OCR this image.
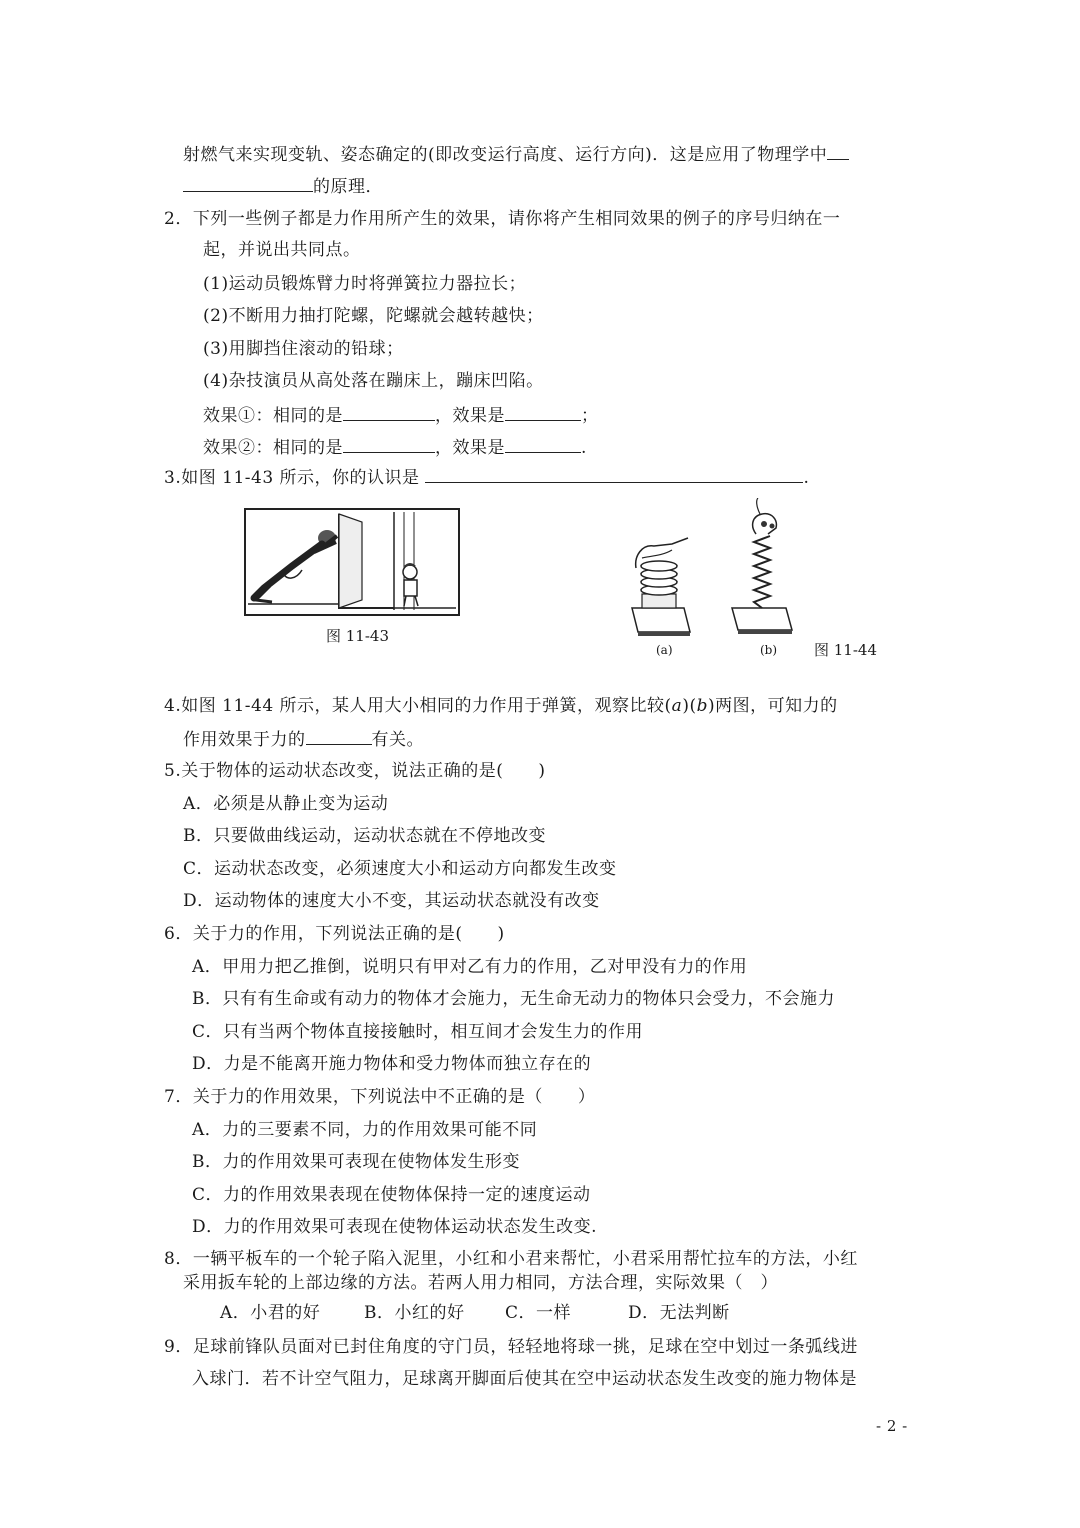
射燃气来实现变轨、姿态确定的(即改变运行高度、运行方向)．这是应用了物理学中
的原理．
2．下列一些例子都是力作用所产生的效果，请你将产生相同效果的例子的序号归纳在一
起，并说出共同点。
(1)运动员锻炼臂力时将弹簧拉力器拉长；
(2)不断用力抽打陀螺，陀螺就会越转越快；
(3)用脚挡住滚动的铅球；
(4)杂技演员从高处落在蹦床上，蹦床凹陷。
效果①：相同的是	，效果是	；
效果②：相同的是	，效果是	.
3.如图 11-43 所示，你的认识是	.
图 11-43
(a)	(b) 图 11-44
4.如图 11-44 所示，某人用大小相同的力作用于弹簧，观察比较(a)(b)两图，可知力的
作用效果于力的	有关。
5.关于物体的运动状态改变，说法正确的是(　　)
A．必须是从静止变为运动
B．只要做曲线运动，运动状态就在不停地改变
C．运动状态改变，必须速度大小和运动方向都发生改变
D．运动物体的速度大小不变，其运动状态就没有改变
6．关于力的作用，下列说法正确的是(　　)
A．甲用力把乙推倒，说明只有甲对乙有力的作用，乙对甲没有力的作用
B．只有有生命或有动力的物体才会施力，无生命无动力的物体只会受力，不会施力
C．只有当两个物体直接接触时，相互间才会发生力的作用
D．力是不能离开施力物体和受力物体而独立存在的
7．关于力的作用效果，下列说法中不正确的是（　　）
A．力的三要素不同，力的作用效果可能不同
B．力的作用效果可表现在使物体发生形变
C．力的作用效果表现在使物体保持一定的速度运动
D．力的作用效果可表现在使物体运动状态发生改变.
8．一辆平板车的一个轮子陷入泥里，小红和小君来帮忙，小君采用帮忙拉车的方法，小红
采用扳车轮的上部边缘的方法。若两人用力相同，方法合理，实际效果（　）
A．小君的好	B．小红的好 C．一样	D．无法判断
9．足球前锋队员面对已封住角度的守门员，轻轻地将球一挑，足球在空中划过一条弧线进
入球门．若不计空气阻力，足球离开脚面后使其在空中运动状态发生改变的施力物体是
- 2 -
